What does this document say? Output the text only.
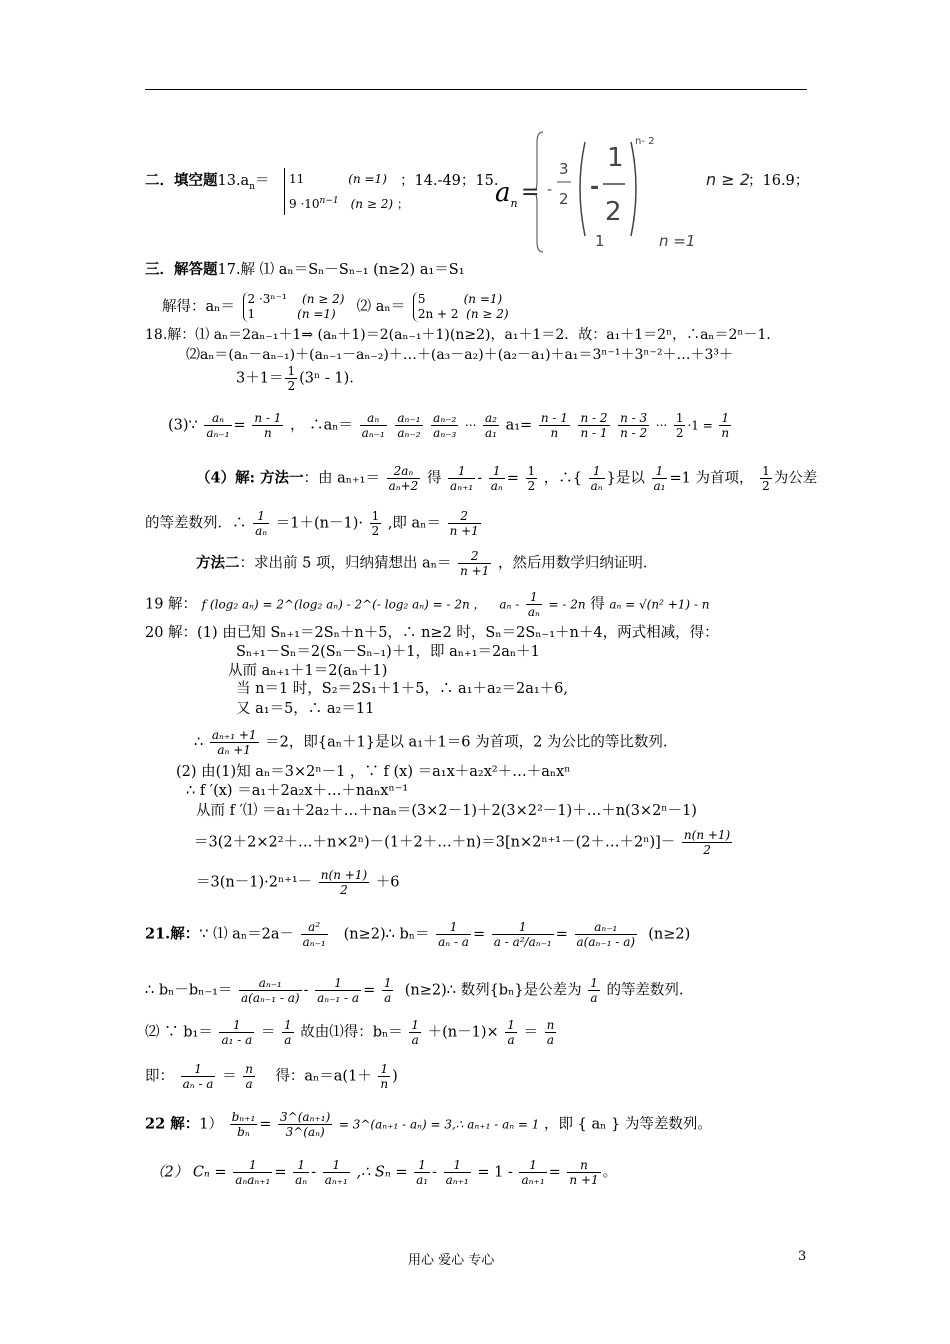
二．填空题$13.a_n= 11$	(n =1)
$9 \cdot 10^{n-1}$ (n ≥ 2) ；
；14.-49；15.
$a_n$ = -
3
2 -
1
2
n- 2
1	n =1
n ≥ 2
；16.9；
三．解答题17.解 ⑴ aₙ＝Sₙ－Sₙ₋₁ (n≥2) a₁＝S₁
解得：aₙ＝ 2 ·3ⁿ⁻¹ (n ≥ 2)
1	(n =1) ⑵ aₙ＝ 5	(n =1)
2n + 2 (n ≥ 2)
18.解：⑴ aₙ＝2aₙ₋₁＋1⇒ (aₙ＋1)＝2(aₙ₋₁＋1)(n≥2)，a₁＋1＝2．故：a₁＋1＝2ⁿ，∴aₙ＝2ⁿ－1．
⑵aₙ＝(aₙ－aₙ₋₁)＋(aₙ₋₁－aₙ₋₂)＋…＋(a₃－a₂)＋(a₂－a₁)＋a₁＝3ⁿ⁻¹＋3ⁿ⁻²＋…＋3³＋
$3+1= \frac{1}{2} (3^n - 1)$．
(3)∵ $\frac{\text{aₙ}}{\text{aₙ₋₁}} = \frac{n - 1}{n}$ ， ∴aₙ＝ $\frac{\text{aₙ}}{\text{aₙ₋₁}}$
$\frac{\text{aₙ₋₁}}{\text{aₙ₋₂}}$
$\frac{\text{aₙ₋₂}}{\text{aₙ₋₃}}$ ··· $\frac{\text{a₂}}{\text{a₁}} a_1= \frac{n - 1}{n}$
$\frac{n - 2}{n - 1}$
$\frac{n - 3}{n - 2}$ ··· $\frac{1}{2} \cdot 1 = \frac{1}{n}$
（4）解: 方法一：由 $a_{n+1}= \frac{\text{2aₙ}}{\text{aₙ+2}}$ 得 $\frac{1}{\text{aₙ₊₁}} - \frac{1}{\text{aₙ}} = \frac{1}{2}$ ，∴{ $\frac{1}{\text{aₙ}}$ }是以 $\frac{1}{\text{a₁}} =1$ 为首项， $\frac{1}{2}$ 为公差
的等差数列．∴ $\frac{1}{\text{aₙ}} =1+(n-1)\cdot \frac{1}{2}$ ,即 $a_n= \frac{2}{n +1}$
方法二：求出前 5 项，归纳猜想出 $a_n= \frac{2}{n +1}$ ，然后用数学归纳证明．
19 解： f (log₂ aₙ) = 2^(log₂ aₙ) - 2^(- log₂ aₙ) = - 2n ， aₙ - $\frac{1}{\text{aₙ}}$ = - 2n 得 aₙ = √(n² +1) - n
20 解：(1) 由已知 Sₙ₊₁＝2Sₙ＋n＋5，∴ n≥2 时，Sₙ＝2Sₙ₋₁＋n＋4，两式相减，得：
Sₙ₊₁－Sₙ＝2(Sₙ－Sₙ₋₁)＋1，即 aₙ₊₁＝2aₙ＋1
从而 aₙ₊₁＋1＝2(aₙ＋1)
当 n＝1 时，S₂＝2S₁＋1＋5，∴ a₁＋a₂＝2a₁＋6,
又 a₁＝5，∴ a₂＝11
∴ $\frac{\text{aₙ₊₁ +1}}{\text{aₙ +1}} =2$，即{aₙ＋1}是以 a₁＋1＝6 为首项，2 为公比的等比数列.
(2) 由(1)知 aₙ＝3×2ⁿ－1 ，∵ f (x) ＝a₁x＋a₂x²＋…＋aₙxⁿ
∴ f ′(x) ＝a₁＋2a₂x＋…＋naₙxⁿ⁻¹
从而 f ′⑴ ＝a₁＋2a₂＋…＋naₙ＝(3×2－1)＋2(3×2²－1)＋…＋n(3×2ⁿ－1)
＝3(2＋2×2²＋…＋n×2ⁿ)－(1＋2＋…＋n)＝3[n×2ⁿ⁺¹－(2＋…＋2ⁿ)]－ $\frac{n(n +1)}{2}$
$=3(n-1)\cdot 2^{n+1}- \frac{n(n +1)}{2} +6$
21.解：∵ ⑴ $a_n=2a- \frac{\text{a²}}{\text{aₙ₋₁}}$ (n≥2)∴ $b_n= \frac{1}{\text{aₙ - a}} = \frac{1}{\text{a - a²/aₙ₋₁}} = \frac{\text{aₙ₋₁}}{\text{a(aₙ₋₁ - a)}} (n\ge 2)$
∴ $b_n-b_{n-1}= \frac{\text{aₙ₋₁}}{\text{a(aₙ₋₁ - a)}} - \frac{1}{\text{aₙ₋₁ - a}} = \frac{1}{a}$ (n≥2)∴ 数列{bₙ}是公差为 $\frac{1}{a}$ 的等差数列.
⑵ ∵ $b_1= \frac{1}{\text{a₁ - a}} = \frac{1}{a}$ 故由⑴得：$b_n= \frac{1}{a} +(n-1)\times \frac{1}{a} = \frac{n}{a}$
即： $\frac{1}{\text{aₙ - a}} = \frac{n}{a}$ 得：$a_n=a(1+ \frac{1}{n}$ )
22 解：$1) \frac{\text{bₙ₊₁}}{\text{bₙ}} = \frac{\text{3\textasciicircum{}(aₙ₊₁)}}{\text{3\textasciicircum{}(aₙ)}}$ = 3^(aₙ₊₁ - aₙ) = 3,∴ aₙ₊₁ - aₙ = 1 ，即 { aₙ } 为等差数列。
（2） $C_n = \frac{1}{\text{aₙaₙ₊₁}} = \frac{1}{\text{aₙ}} - \frac{1}{\text{aₙ₊₁}}$ ,∴ $S_n = \frac{1}{\text{a₁}} - \frac{1}{\text{aₙ₊₁}} = 1 - \frac{1}{\text{aₙ₊₁}} = \frac{n}{n +1}$ 。
用心 爱心 专心	3
